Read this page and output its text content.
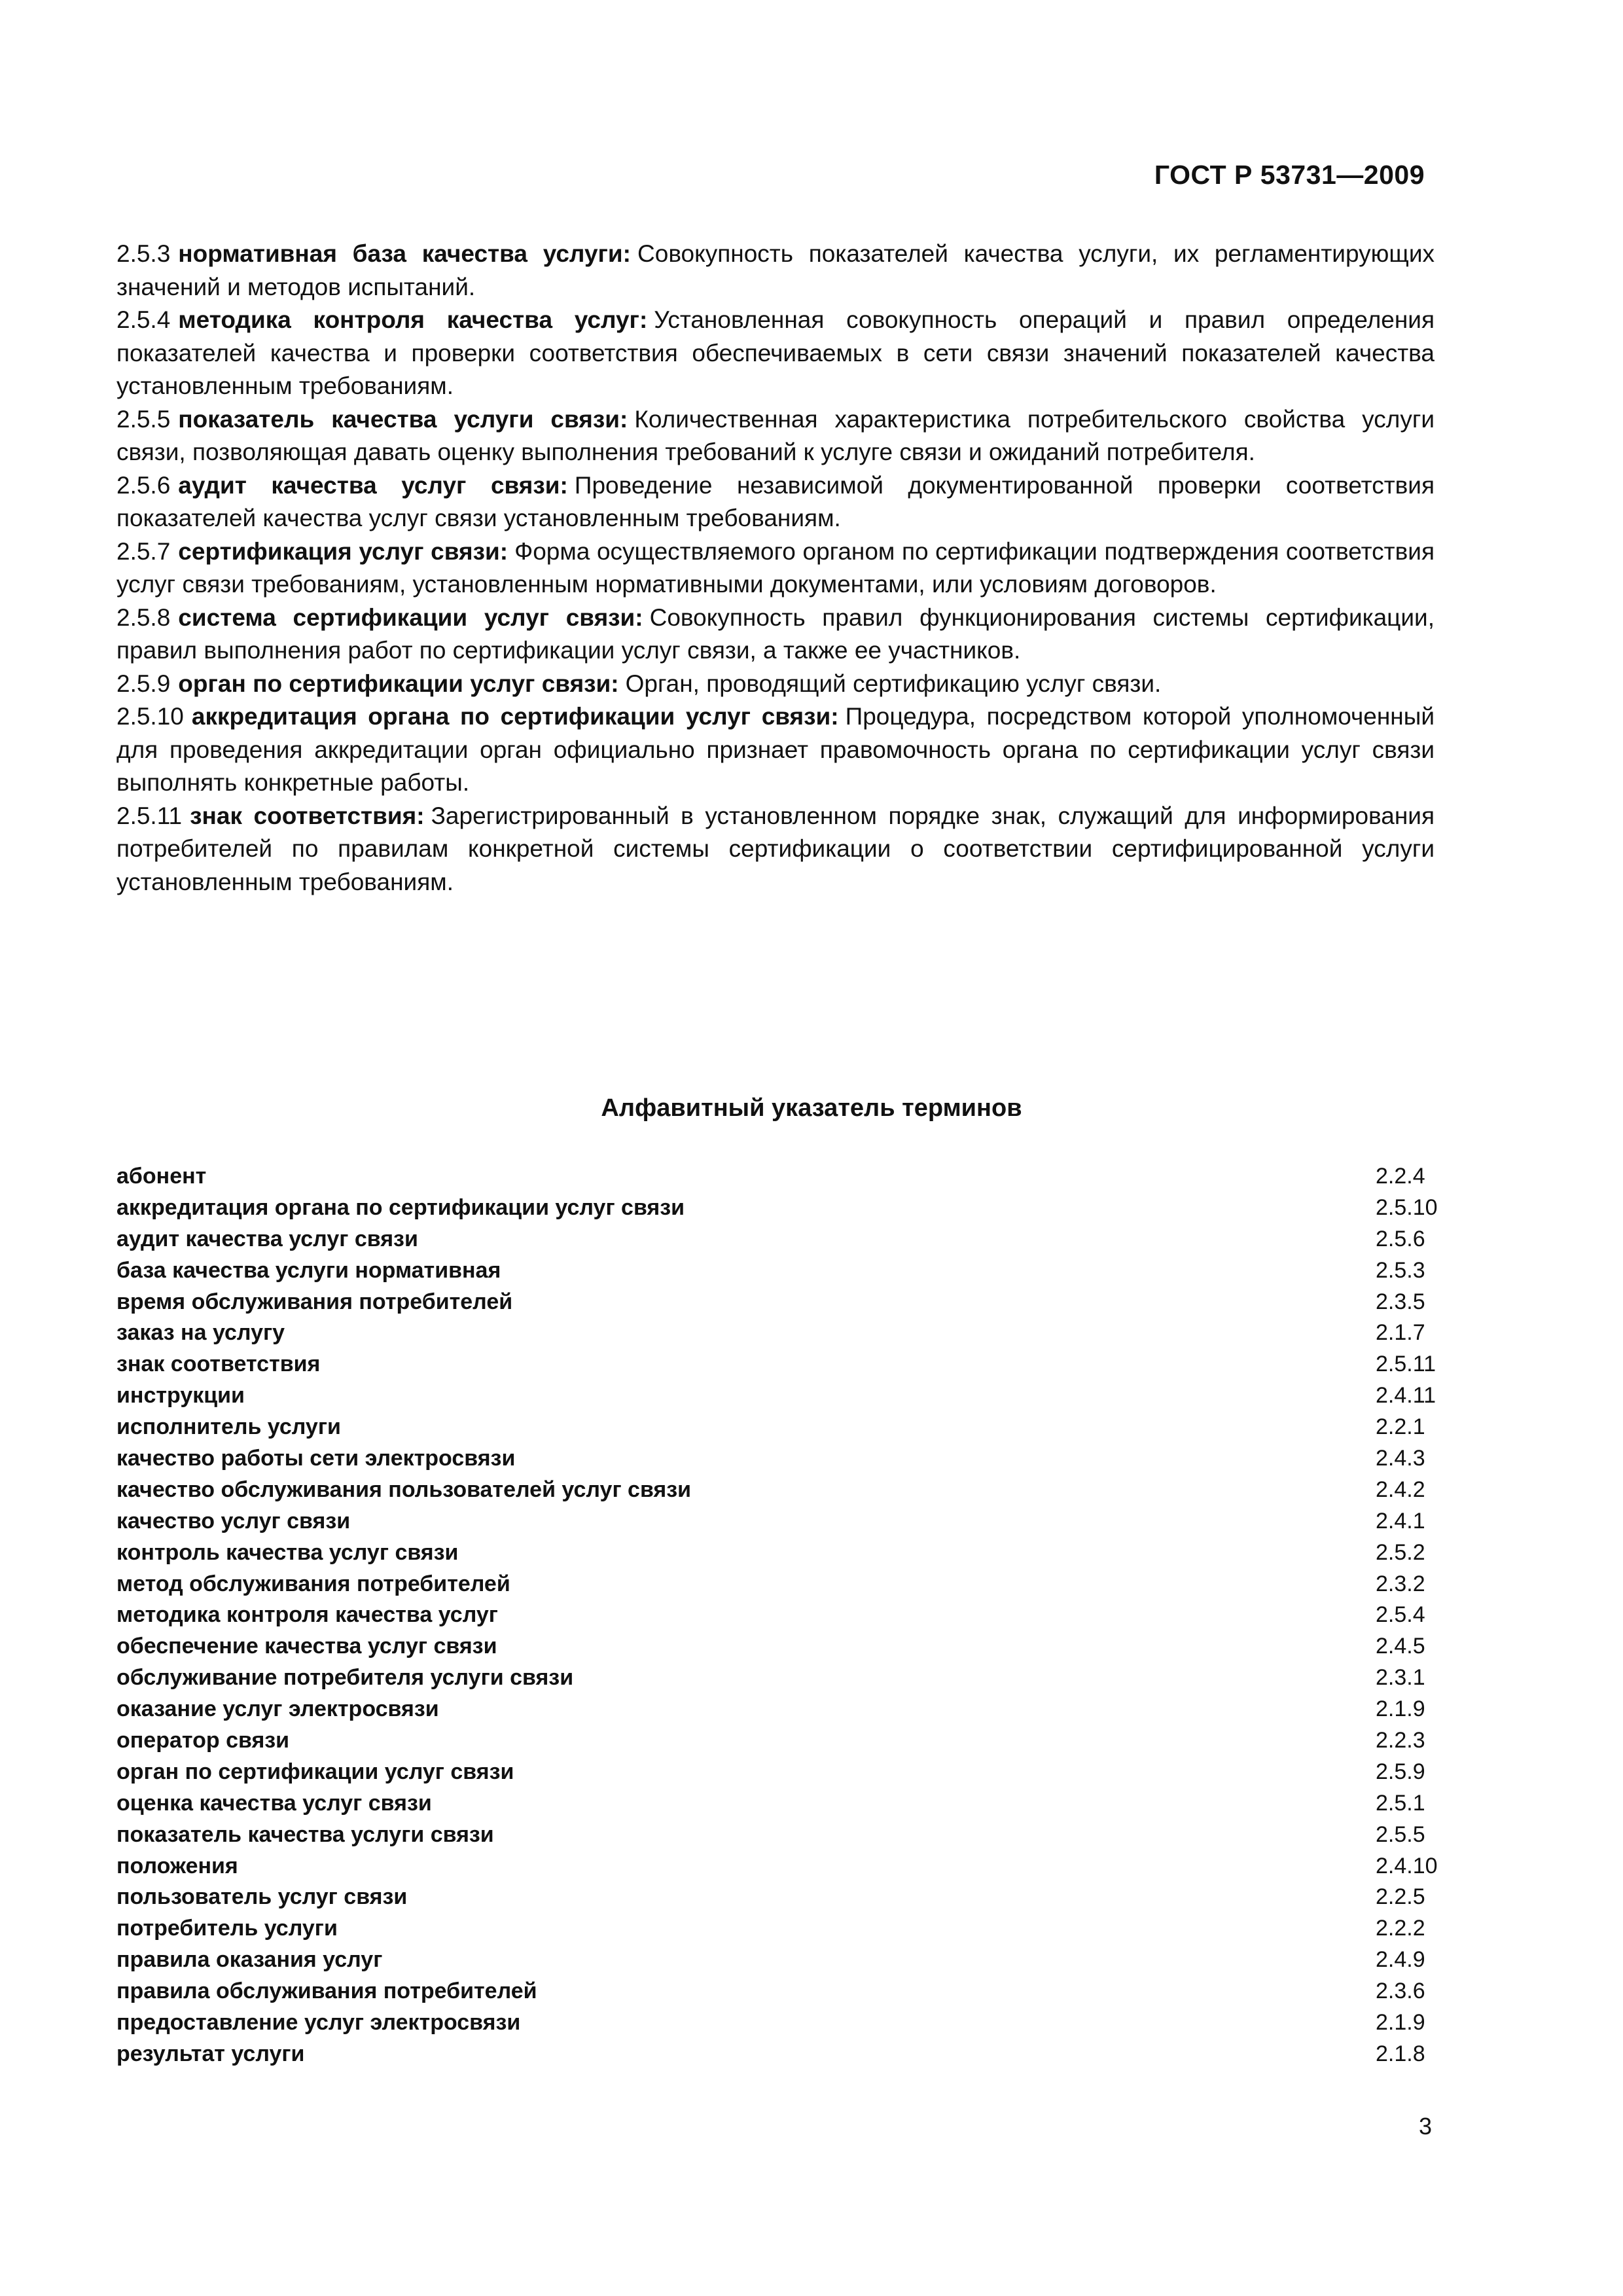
ГОСТ Р 53731—2009

2.5.3 нормативная база качества услуги: Совокупность показателей качества услуги, их регламентирующих значений и методов испытаний.

2.5.4 методика контроля качества услуг: Установленная совокупность операций и правил определения показателей качества и проверки соответствия обеспечиваемых в сети связи значений показателей качества установленным требованиям.

2.5.5 показатель качества услуги связи: Количественная характеристика потребительского свойства услуги связи, позволяющая давать оценку выполнения требований к услуге связи и ожиданий потребителя.

2.5.6 аудит качества услуг связи: Проведение независимой документированной проверки соответствия показателей качества услуг связи установленным требованиям.

2.5.7 сертификация услуг связи: Форма осуществляемого органом по сертификации подтверждения соответствия услуг связи требованиям, установленным нормативными документами, или условиям договоров.

2.5.8 система сертификации услуг связи: Совокупность правил функционирования системы сертификации, правил выполнения работ по сертификации услуг связи, а также ее участников.

2.5.9 орган по сертификации услуг связи: Орган, проводящий сертификацию услуг связи.

2.5.10 аккредитация органа по сертификации услуг связи: Процедура, посредством которой уполномоченный для проведения аккредитации орган официально признает правомочность органа по сертификации услуг связи выполнять конкретные работы.

2.5.11 знак соответствия: Зарегистрированный в установленном порядке знак, служащий для информирования потребителей по правилам конкретной системы сертификации о соответствии сертифицированной услуги установленным требованиям.

Алфавитный указатель терминов
абонент	2.2.4
аккредитация органа по сертификации услуг связи	2.5.10
аудит качества услуг связи	2.5.6
база качества услуги нормативная	2.5.3
время обслуживания потребителей	2.3.5
заказ на услугу	2.1.7
знак соответствия	2.5.11
инструкции	2.4.11
исполнитель услуги	2.2.1
качество работы сети электросвязи	2.4.3
качество обслуживания пользователей услуг связи	2.4.2
качество услуг связи	2.4.1
контроль качества услуг связи	2.5.2
метод обслуживания потребителей	2.3.2
методика контроля качества услуг	2.5.4
обеспечение качества услуг связи	2.4.5
обслуживание потребителя услуги связи	2.3.1
оказание услуг электросвязи	2.1.9
оператор связи	2.2.3
орган по сертификации услуг связи	2.5.9
оценка качества услуг связи	2.5.1
показатель качества услуги связи	2.5.5
положения	2.4.10
пользователь услуг связи	2.2.5
потребитель услуги	2.2.2
правила оказания услуг	2.4.9
правила обслуживания потребителей	2.3.6
предоставление услуг электросвязи	2.1.9
результат услуги	2.1.8
3
